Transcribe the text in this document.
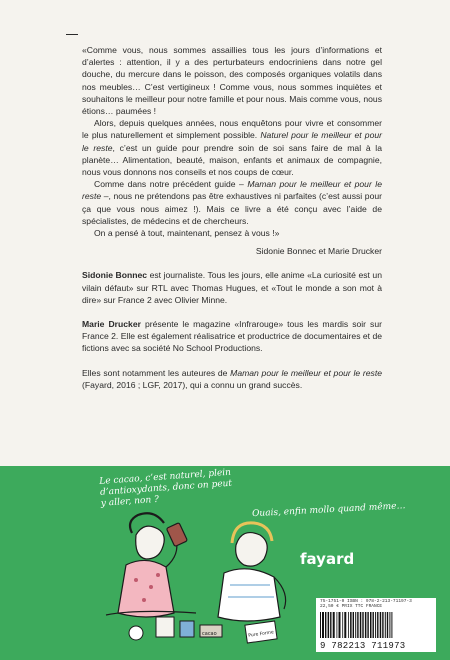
«Comme vous, nous sommes assaillies tous les jours d’informations et d’alertes : attention, il y a des perturbateurs endocriniens dans notre gel douche, du mercure dans le poisson, des composés organiques volatils dans nos meubles… C’est vertigineux ! Comme vous, nous sommes inquiètes et souhaitons le meilleur pour notre famille et pour nous. Mais comme vous, nous étions… paumées !

Alors, depuis quelques années, nous enquêtons pour vivre et consommer le plus naturellement et simplement possible. Naturel pour le meilleur et pour le reste, c’est un guide pour prendre soin de soi sans faire de mal à la planète… Alimentation, beauté, maison, enfants et animaux de compagnie, nous vous donnons nos conseils et nos coups de cœur.

Comme dans notre précédent guide – Maman pour le meilleur et pour le reste –, nous ne prétendons pas être exhaustives ni parfaites (c’est aussi pour ça que vous nous aimez !). Mais ce livre a été conçu avec l’aide de spécialistes, de médecins et de chercheurs.

On a pensé à tout, maintenant, pensez à vous !»

Sidonie Bonnec et Marie Drucker

Sidonie Bonnec est journaliste. Tous les jours, elle anime «La curiosité est un vilain défaut» sur RTL avec Thomas Hugues, et «Tout le monde a son mot à dire» sur France 2 avec Olivier Minne.

Marie Drucker présente le magazine «Infrarouge» tous les mardis soir sur France 2. Elle est également réalisatrice et productrice de documentaires et de fictions avec sa société No School Productions.

Elles sont notamment les auteures de Maman pour le meilleur et pour le reste (Fayard, 2016 ; LGF, 2017), qui a connu un grand succès.

Le cacao, c’est naturel, plein d’antioxydants, donc on peut y aller, non ?	Ouais, enfin mollo quand même…
cacao	Pure Forme
fayard
75-1751-0 ISBN : 978-2-213-71197-3
22,50 € PRIX TTC FRANCE
9 782213 711973
